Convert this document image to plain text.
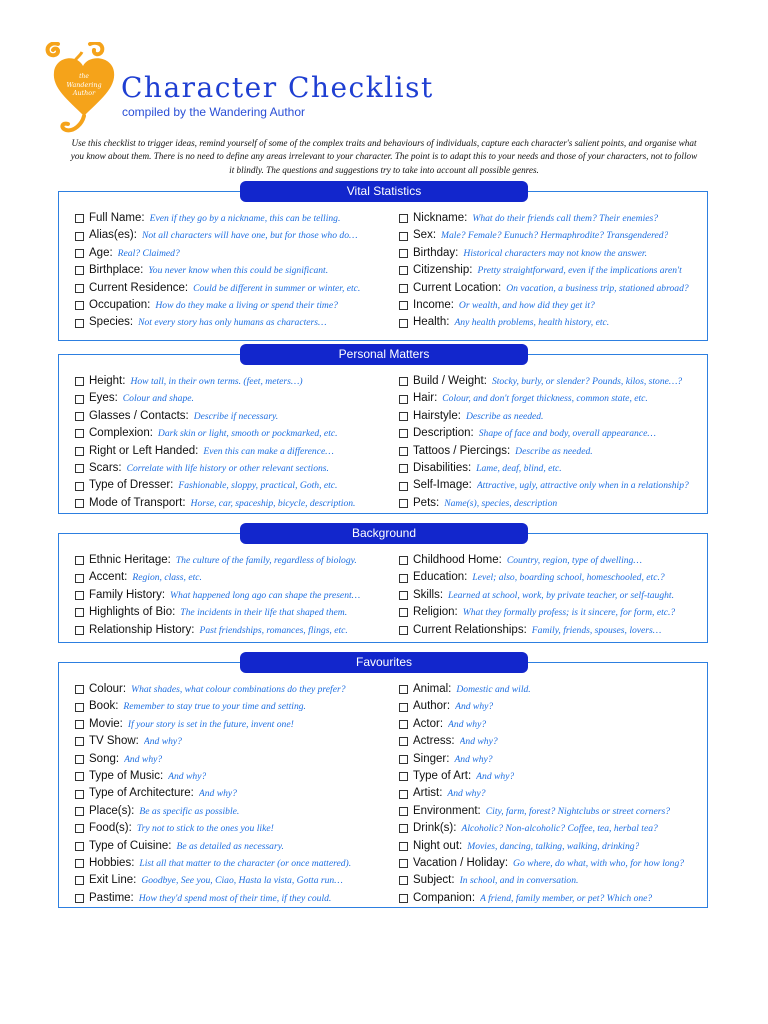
the
Wandering
Author Character Checklist
compiled by the Wandering Author

Use this checklist to trigger ideas, remind yourself of some of the complex traits and behaviours of individuals, capture each character's salient points, and organise what you know about them. There is no need to define any areas irrelevant to your character. The point is to adapt this to your needs and those of your characters, not to follow it blindly. The questions and suggestions try to take into account all possible genres.

Vital Statistics
Full Name: Even if they go by a nickname, this can be telling.
Alias(es): Not all characters will have one, but for those who do…
Age: Real? Claimed?
Birthplace: You never know when this could be significant.
Current Residence: Could be different in summer or winter, etc.
Occupation: How do they make a living or spend their time?
Species: Not every story has only humans as characters…
Nickname: What do their friends call them? Their enemies?
Sex: Male? Female? Eunuch? Hermaphrodite? Transgendered?
Birthday: Historical characters may not know the answer.
Citizenship: Pretty straightforward, even if the implications aren't
Current Location: On vacation, a business trip, stationed abroad?
Income: Or wealth, and how did they get it?
Health: Any health problems, health history, etc.
Personal Matters
Height: How tall, in their own terms. (feet, meters…)
Eyes: Colour and shape.
Glasses / Contacts: Describe if necessary.
Complexion: Dark skin or light, smooth or pockmarked, etc.
Right or Left Handed: Even this can make a difference…
Scars: Correlate with life history or other relevant sections.
Type of Dresser: Fashionable, sloppy, practical, Goth, etc.
Mode of Transport: Horse, car, spaceship, bicycle, description.
Build / Weight: Stocky, burly, or slender? Pounds, kilos, stone…?
Hair: Colour, and don't forget thickness, common state, etc.
Hairstyle: Describe as needed.
Description: Shape of face and body, overall appearance…
Tattoos / Piercings: Describe as needed.
Disabilities: Lame, deaf, blind, etc.
Self-Image: Attractive, ugly, attractive only when in a relationship?
Pets: Name(s), species, description
Background
Ethnic Heritage: The culture of the family, regardless of biology.
Accent: Region, class, etc.
Family History: What happened long ago can shape the present…
Highlights of Bio: The incidents in their life that shaped them.
Relationship History: Past friendships, romances, flings, etc.
Childhood Home: Country, region, type of dwelling…
Education: Level; also, boarding school, homeschooled, etc.?
Skills: Learned at school, work, by private teacher, or self-taught.
Religion: What they formally profess; is it sincere, for form, etc.?
Current Relationships: Family, friends, spouses, lovers…
Favourites
Colour: What shades, what colour combinations do they prefer?
Book: Remember to stay true to your time and setting.
Movie: If your story is set in the future, invent one!
TV Show: And why?
Song: And why?
Type of Music: And why?
Type of Architecture: And why?
Place(s): Be as specific as possible.
Food(s): Try not to stick to the ones you like!
Type of Cuisine: Be as detailed as necessary.
Hobbies: List all that matter to the character (or once mattered).
Exit Line: Goodbye, See you, Ciao, Hasta la vista, Gotta run…
Pastime: How they'd spend most of their time, if they could.
Animal: Domestic and wild.
Author: And why?
Actor: And why?
Actress: And why?
Singer: And why?
Type of Art: And why?
Artist: And why?
Environment: City, farm, forest? Nightclubs or street corners?
Drink(s): Alcoholic? Non-alcoholic? Coffee, tea, herbal tea?
Night out: Movies, dancing, talking, walking, drinking?
Vacation / Holiday: Go where, do what, with who, for how long?
Subject: In school, and in conversation.
Companion: A friend, family member, or pet? Which one?
